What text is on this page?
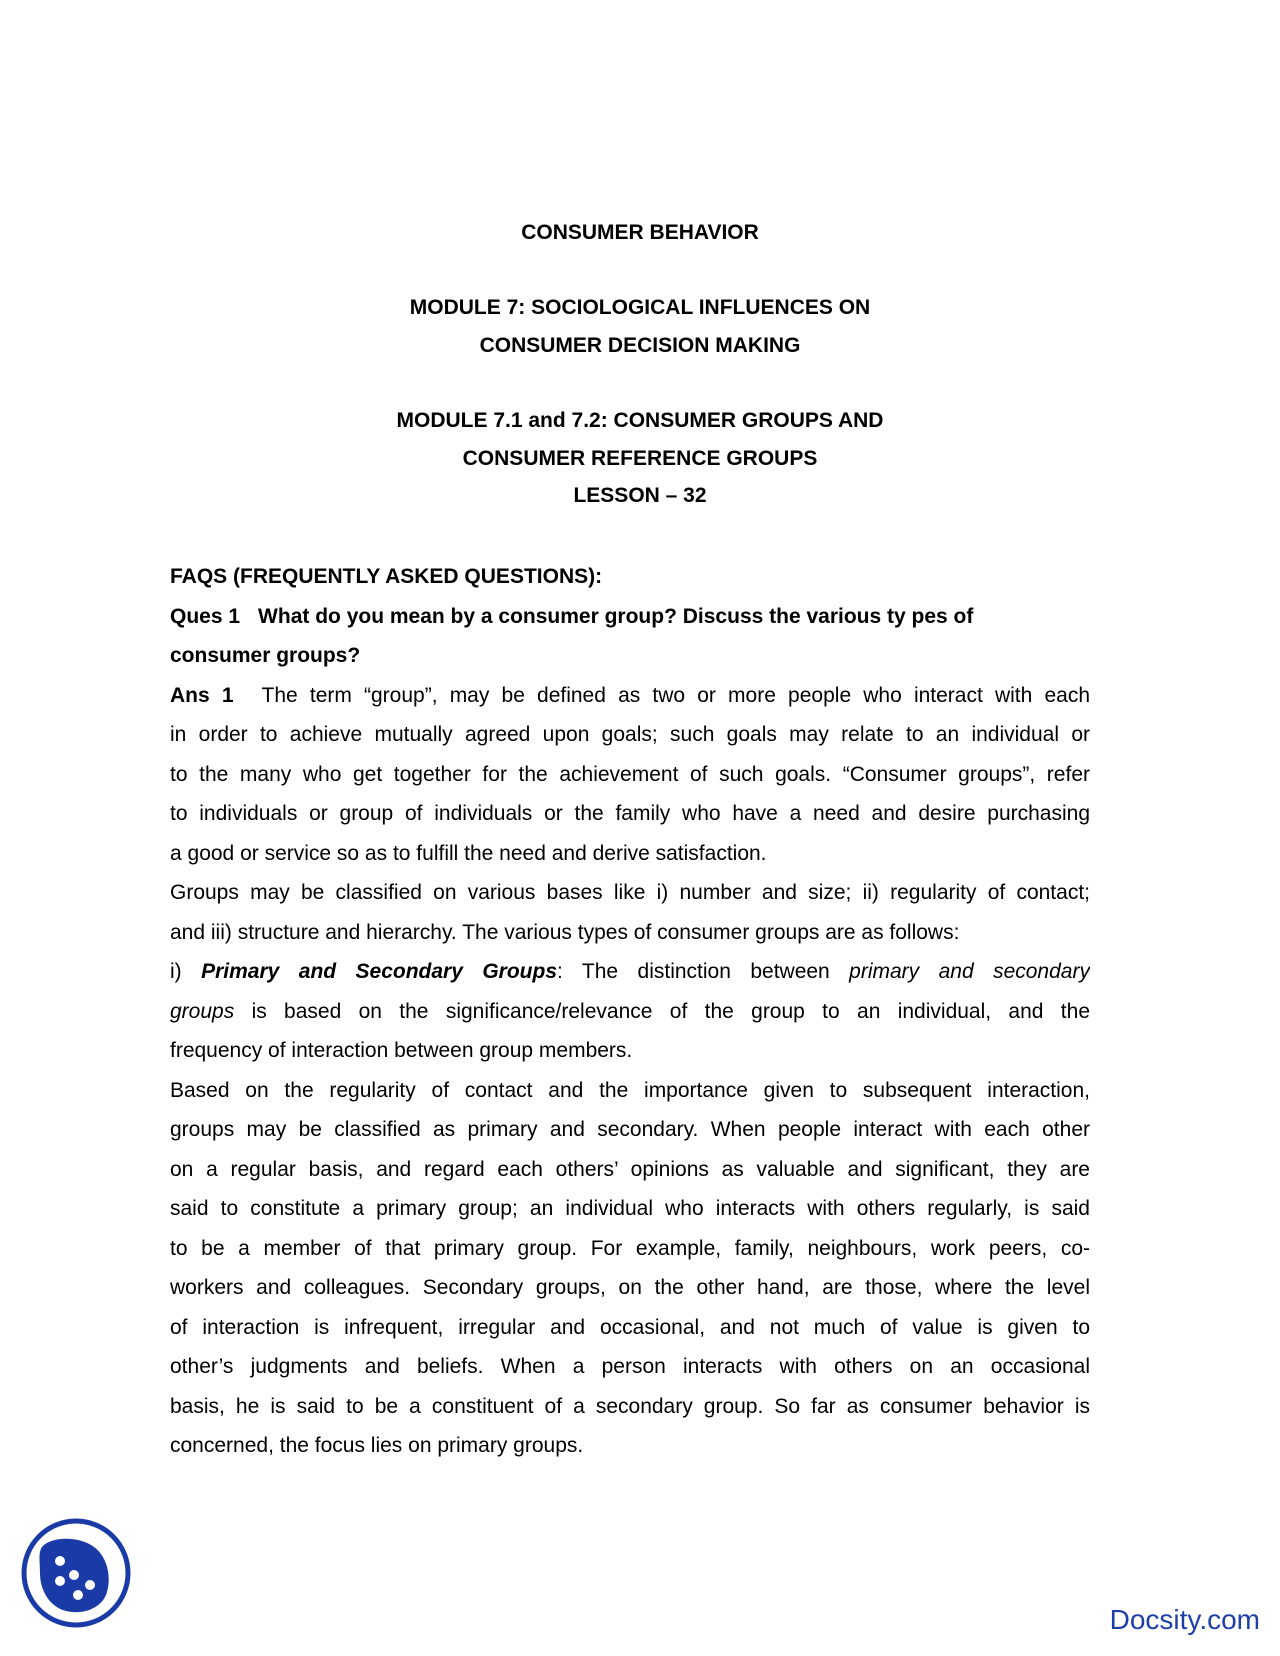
CONSUMER BEHAVIOR
MODULE 7: SOCIOLOGICAL INFLUENCES ON
CONSUMER DECISION MAKING
MODULE 7.1 and 7.2: CONSUMER GROUPS AND
CONSUMER REFERENCE GROUPS
LESSON – 32
FAQS (FREQUENTLY ASKED QUESTIONS):
Ques 1 What do you mean by a consumer group? Discuss the various ty pes of
consumer groups?
Ans 1 The term “group”, may be defined as two or more people who interact with each
in order to achieve mutually agreed upon goals; such goals may relate to an individual or
to the many who get together for the achievement of such goals. “Consumer groups”, refer
to individuals or group of individuals or the family who have a need and desire purchasing
a good or service so as to fulfill the need and derive satisfaction.
Groups may be classified on various bases like i) number and size; ii) regularity of contact;
and iii) structure and hierarchy. The various types of consumer groups are as follows:
i) Primary and Secondary Groups: The distinction between primary and secondary
groups is based on the significance/relevance of the group to an individual, and the
frequency of interaction between group members.
Based on the regularity of contact and the importance given to subsequent interaction,
groups may be classified as primary and secondary. When people interact with each other
on a regular basis, and regard each others’ opinions as valuable and significant, they are
said to constitute a primary group; an individual who interacts with others regularly, is said
to be a member of that primary group. For example, family, neighbours, work peers, co-
workers and colleagues. Secondary groups, on the other hand, are those, where the level
of interaction is infrequent, irregular and occasional, and not much of value is given to
other’s judgments and beliefs. When a person interacts with others on an occasional
basis, he is said to be a constituent of a secondary group. So far as consumer behavior is
concerned, the focus lies on primary groups.
Docsity.com
